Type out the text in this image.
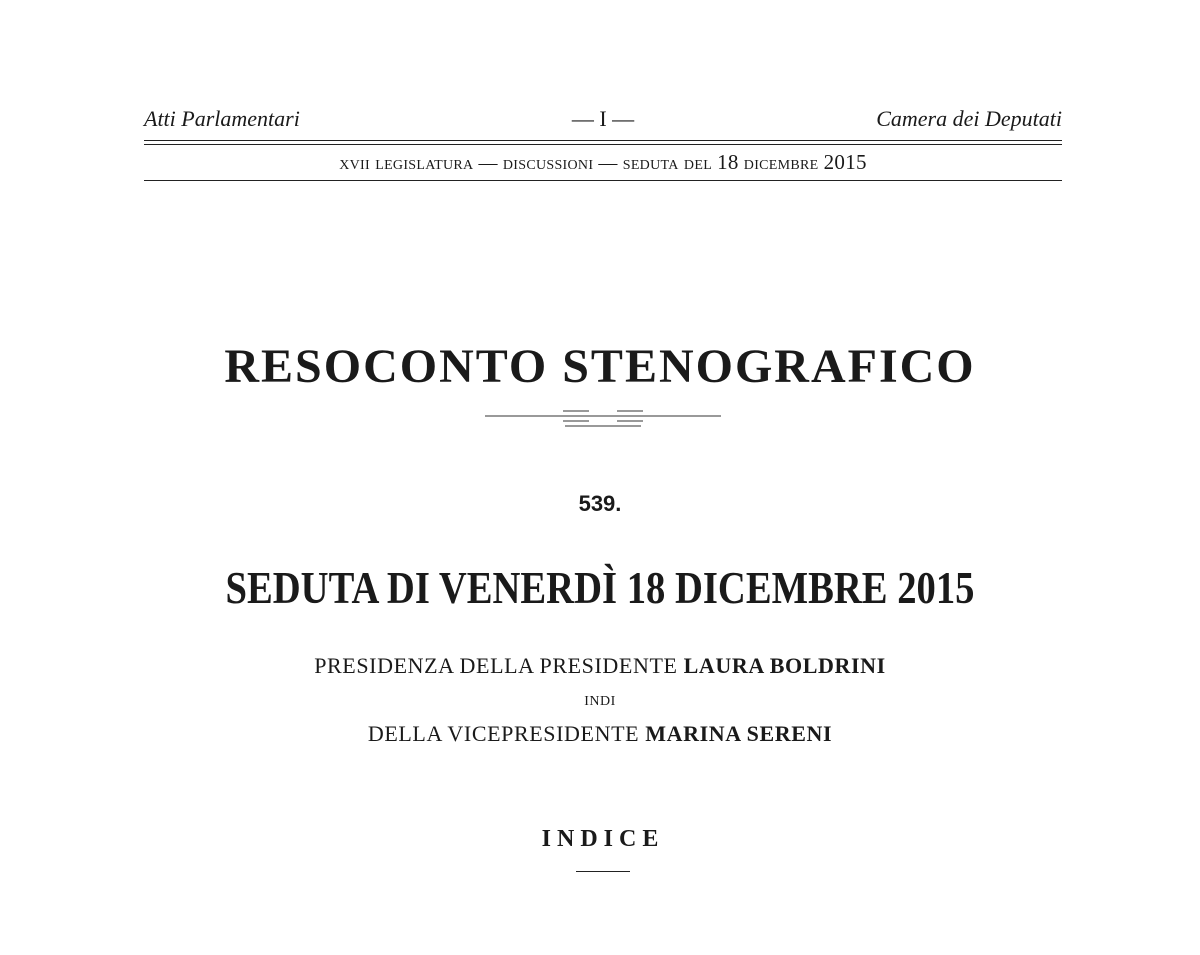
Atti Parlamentari	— I —	Camera dei Deputati
xvii legislatura — discussioni — seduta del 18 dicembre 2015
RESOCONTO STENOGRAFICO
539.
SEDUTA DI VENERDÌ 18 DICEMBRE 2015
PRESIDENZA DELLA PRESIDENTE LAURA BOLDRINI
INDI
DELLA VICEPRESIDENTE MARINA SERENI
INDICE
